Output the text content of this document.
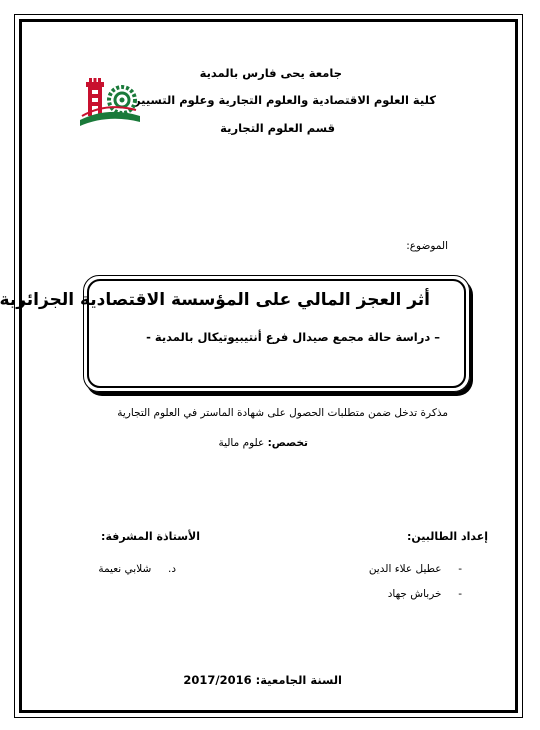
جامعة يحى فارس بالمدية
كلية العلوم الاقتصادية والعلوم التجارية وعلوم التسيير
قسم العلوم التجارية
الموضوع:
أثر العجز المالي على المؤسسة الاقتصادية الجزائرية
– دراسة حالة مجمع صيدال فرع أنتيبيوتيكال بالمدية -
مذكرة تدخل ضمن متطلبات الحصول على شهادة الماستر في العلوم التجارية
تخصص: علوم مالية
إعداد الطالبين:
الأستاذة المشرفة:
-     عطيل علاء الدين
-     خرباش جهاد
د.     شلابي نعيمة
السنة الجامعية: 2017/2016
